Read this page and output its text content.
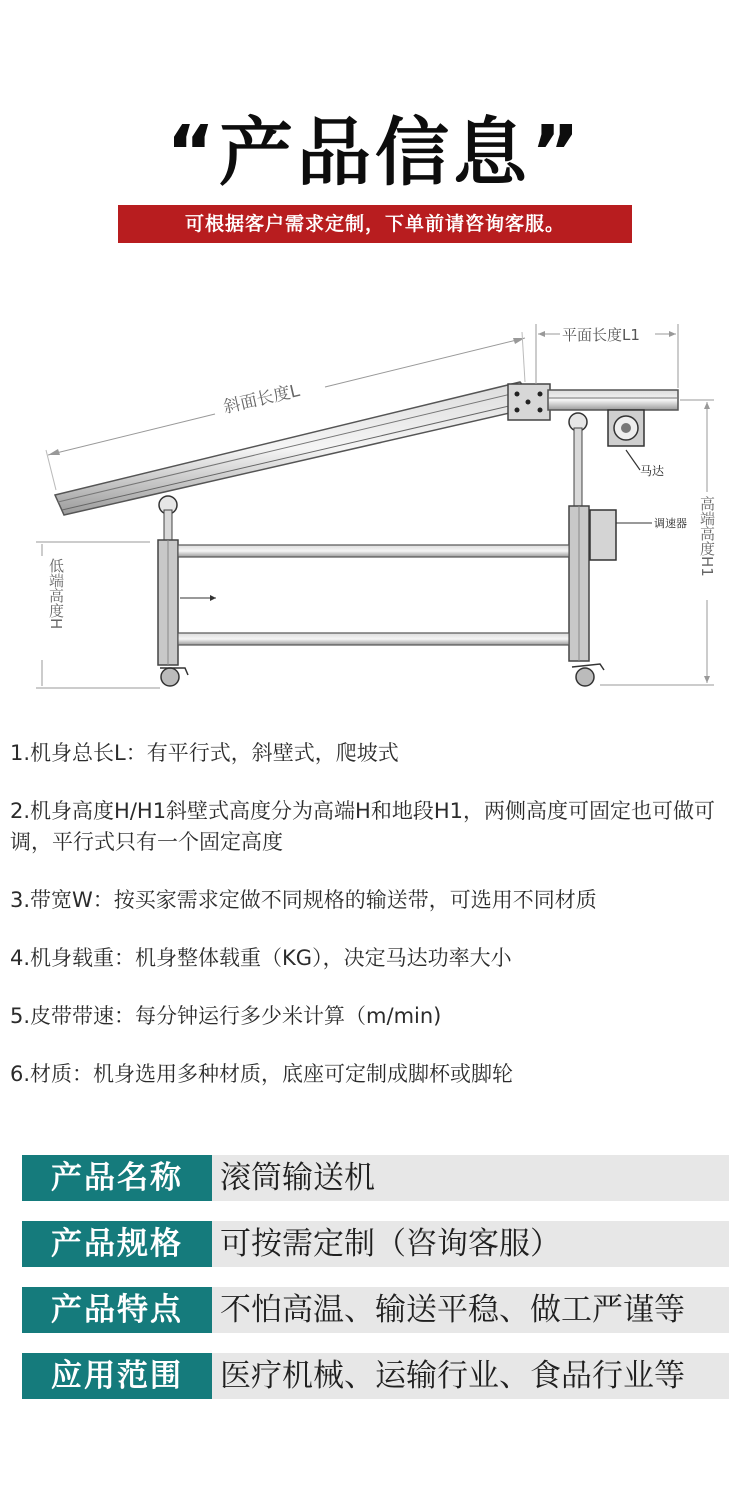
“产品信息”
可根据客户需求定制，下单前请咨询客服。
马达
调速器
斜面长度L
平面长度L1
高端高度H1
低端高度H

1.机身总长L：有平行式，斜壁式，爬坡式

2.机身高度H/H1斜壁式高度分为高端H和地段H1，两侧高度可固定也可做可调，平行式只有一个固定高度

3.带宽W：按买家需求定做不同规格的输送带，可选用不同材质

4.机身载重：机身整体载重（KG），决定马达功率大小

5.皮带带速：每分钟运行多少米计算（m/min)

6.材质：机身选用多种材质，底座可定制成脚杯或脚轮

产品名称	滚筒输送机
产品规格	可按需定制（咨询客服）
产品特点	不怕高温、输送平稳、做工严谨等
应用范围	医疗机械、运输行业、食品行业等
